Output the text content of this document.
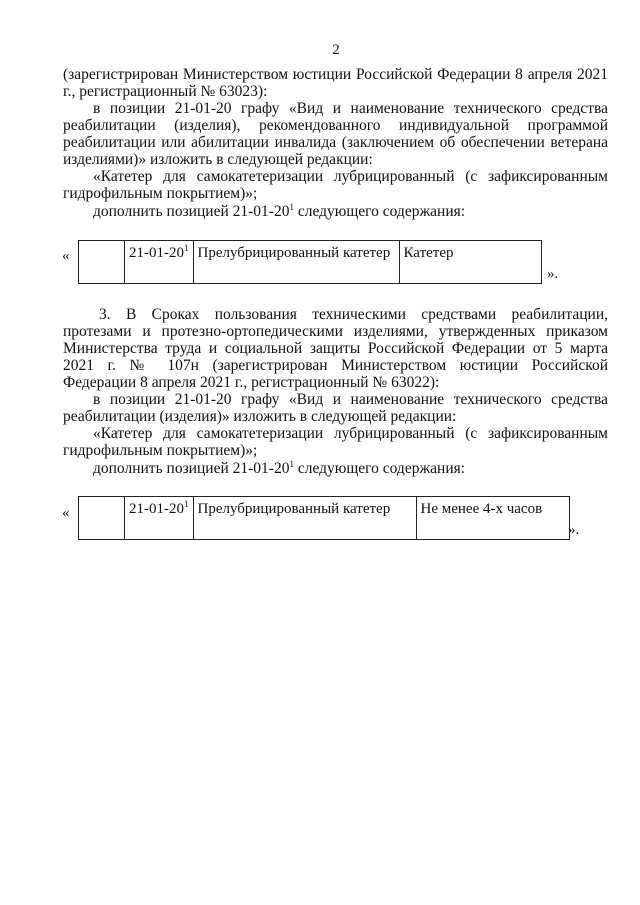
2

(зарегистрирован Министерством юстиции Российской Федерации 8 апреля 2021 г., регистрационный № 63023):

в позиции 21-01-20 графу «Вид и наименование технического средства реабилитации (изделия), рекомендованного индивидуальной программой реабилитации или абилитации инвалида (заключением об обеспечении ветерана изделиями)» изложить в следующей редакции:

«Катетер для самокатетеризации лубрицированный (с зафиксированным гидрофильным покрытием)»;

дополнить позицией $21-01-20^1$ следующего содержания:

«
		$21-01-20^1$	Прелубрицированный катетер	Катетер
».

3. В Сроках пользования техническими средствами реабилитации, протезами и протезно-ортопедическими изделиями, утвержденных приказом Министерства труда и социальной защиты Российской Федерации от 5 марта 2021 г. № 107н (зарегистрирован Министерством юстиции Российской Федерации 8 апреля 2021 г., регистрационный № 63022):

в позиции 21-01-20 графу «Вид и наименование технического средства реабилитации (изделия)» изложить в следующей редакции:

«Катетер для самокатетеризации лубрицированный (с зафиксированным гидрофильным покрытием)»;

дополнить позицией $21-01-20^1$ следующего содержания:

«
		$21-01-20^1$	Прелубрицированный катетер	Не менее 4-х часов
».
